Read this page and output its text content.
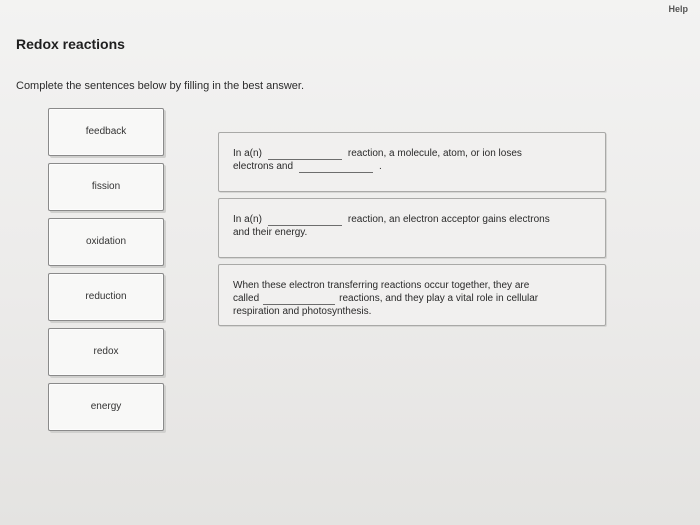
Help
Redox reactions

Complete the sentences below by filling in the best answer.

feedback
fission
oxidation
reduction
redox
energy
In a(n)	reaction, a molecule, atom, or ion loses
electrons and	.
In a(n)	reaction, an electron acceptor gains electrons
and their energy.
When these electron transferring reactions occur together, they are
called	reactions, and they play a vital role in cellular
respiration and photosynthesis.
